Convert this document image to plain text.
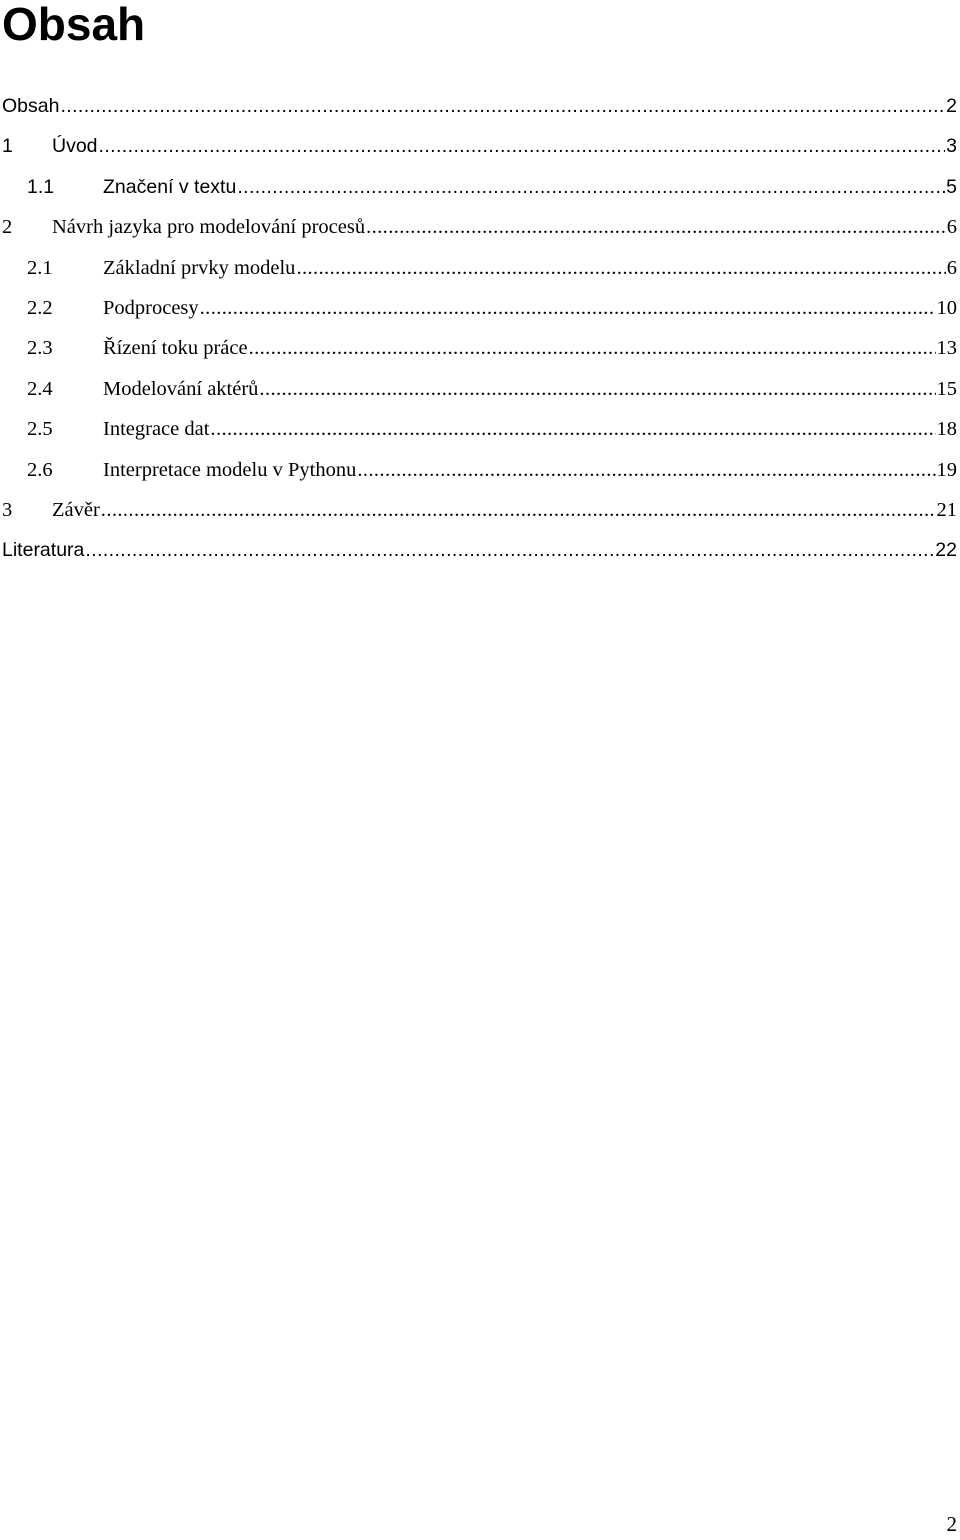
Obsah
Obsah .....	2
1	Úvod .....	3
1.1	Značení v textu .....	5
2	Návrh jazyka pro modelování procesů .....	6
2.1	Základní prvky modelu .....	6
2.2	Podprocesy .....	10
2.3	Řízení toku práce .....	13
2.4	Modelování aktérů .....	15
2.5	Integrace dat .....	18
2.6	Interpretace modelu v Pythonu .....	19
3	Závěr .....	21
Literatura .....	22
2
